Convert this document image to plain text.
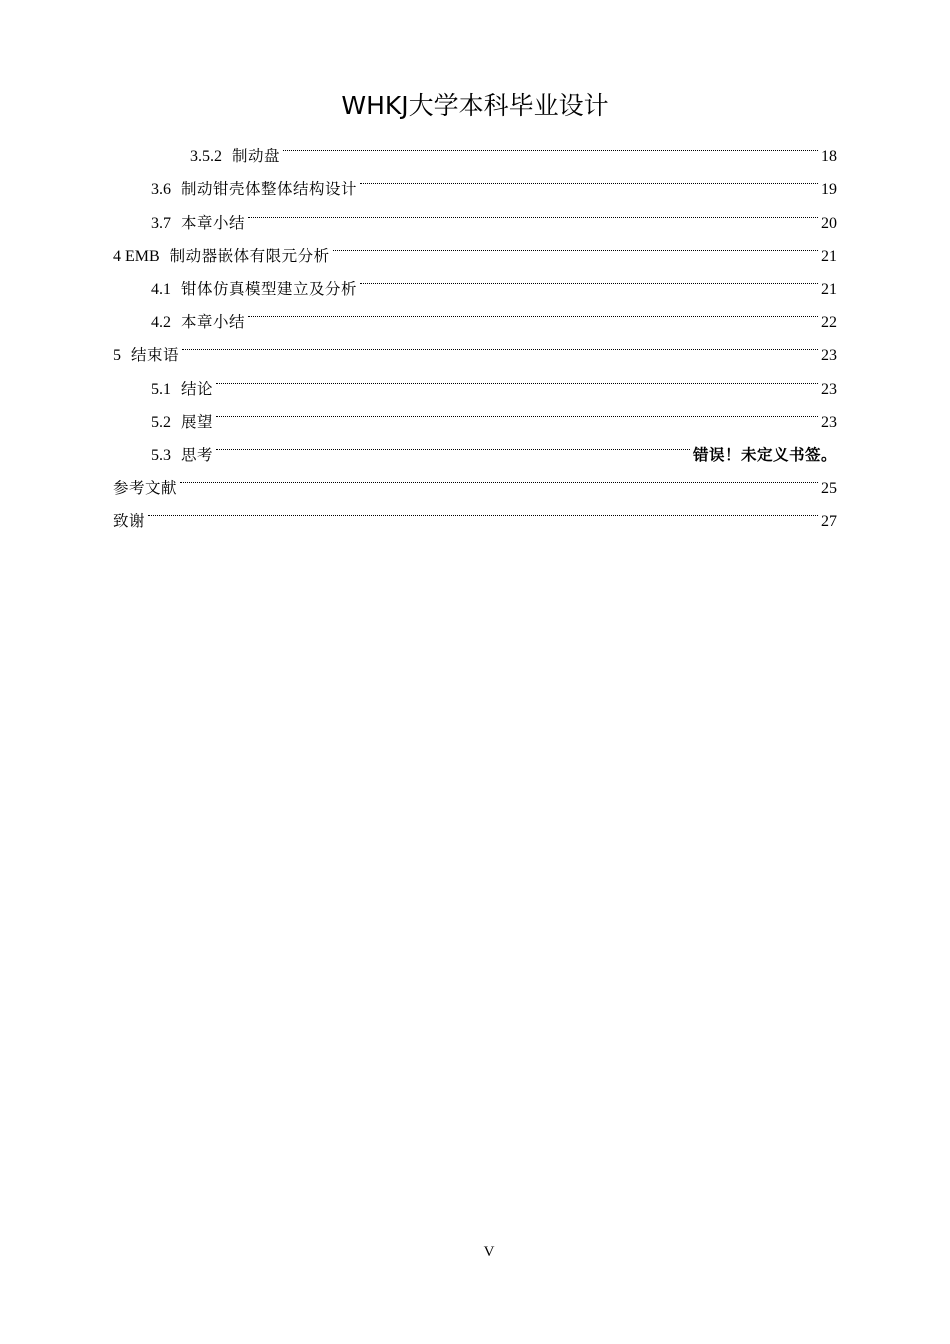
WHKJ大学本科毕业设计
3.5.2 制动盘	18
3.6 制动钳壳体整体结构设计	19
3.7 本章小结	20
4 EMB 制动器嵌体有限元分析	21
4.1 钳体仿真模型建立及分析	21
4.2 本章小结	22
5 结束语	23
5.1 结论	23
5.2 展望	23
5.3 思考	错误！未定义书签。
参考文献	25
致谢	27
V
